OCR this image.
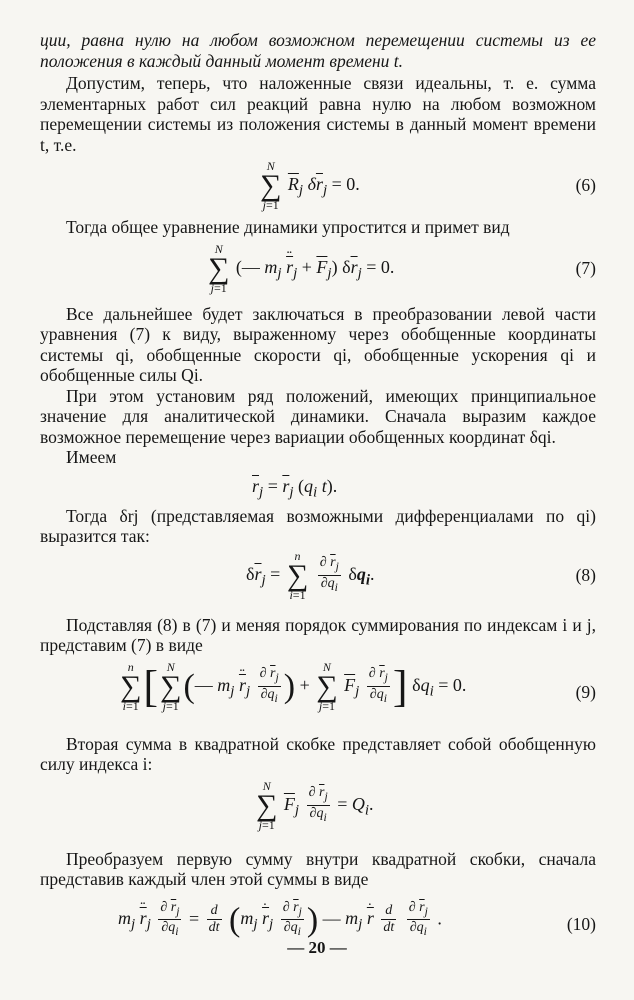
ции, равна нулю на любом возможном перемещении системы из ее положения в каждый данный момент времени t.

Допустим, теперь, что наложенные связи идеальны, т. е. сумма элементарных работ сил реакций равна нулю на любом возможном перемещении системы из положения системы в данный момент времени t, т.е.

N
∑
j=1 $\overline{R}_j$ $\delta\overline{r}_j = 0$.	(6)

Тогда общее уравнение динамики упростится и примет вид

N
∑
j=1 (— $m_j \cdot\cdot \overline{r}_j + \overline{F}_j$) $\delta\overline{r}_j = 0$.	(7)

Все дальнейшее будет заключаться в преобразовании левой части уравнения (7) к виду, выраженному через обобщенные координаты системы qi, обобщенные скорости qi, обобщенные ускорения qi и обобщенные силы Qi.

При этом установим ряд положений, имеющих принципиальное значение для аналитической динамики. Сначала выразим каждое возможное перемещение через вариации обобщенных координат δqi.

Имеем

$\overline{r}_j = \overline{r}_j$ ($q_i$ t).

Тогда δrj (представляемая возможными дифференциалами по qi) выразится так:

$\delta\overline{r}_j = n$
∑
$i=1 \frac{\partial \overline{r}_j}{\partial q_i} \delta q_i$.	(8)

Подставляя (8) в (7) и меняя порядок суммирования по индексам i и j, представим (7) в виде

n
∑
i=1 [ N
∑
j=1(— $m_j \cdot\cdot \overline{r}_j \frac{\partial \overline{r}_j}{\partial q_i}$ ) + N
∑
j=1 $\overline{F}_j \frac{\partial \overline{r}_j}{\partial q_i}$ ] $\delta q_i = 0$.	(9)

Вторая сумма в квадратной скобке представляет собой обобщенную силу индекса i:

N
∑
j=1 $\overline{F}_j \frac{\partial \overline{r}_j}{\partial q_i} = Q_i$.

Преобразуем первую сумму внутри квадратной скобки, сначала представив каждый член этой суммы в виде

$m_j \cdot\cdot \overline{r}_j \frac{\partial \overline{r}_j}{\partial q_i} = \frac{d}{dt} (m_j \cdot \overline{r}_j \frac{\partial \overline{r}_j}{\partial q_i}$ ) — $m_j \cdot \overline{r} \frac{d}{dt}$
$\frac{\partial \overline{r}_j}{\partial q_i}$ .	(10)
— 20 —
